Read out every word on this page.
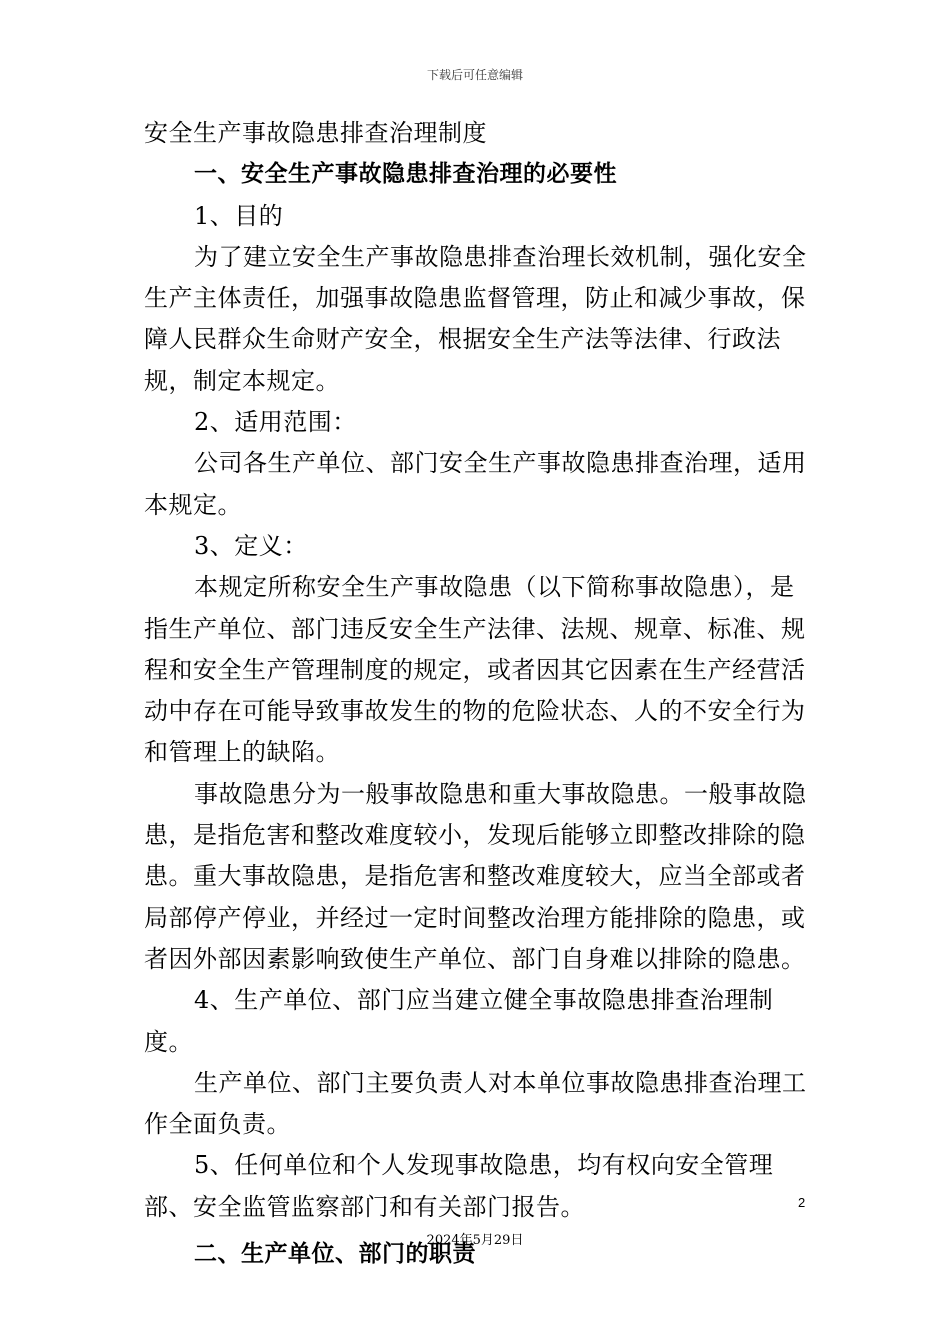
下载后可任意编辑

安全生产事故隐患排查治理制度

一、安全生产事故隐患排查治理的必要性

1、目的

为了建立安全生产事故隐患排查治理长效机制，强化安全生产主体责任，加强事故隐患监督管理，防止和减少事故，保障人民群众生命财产安全，根据安全生产法等法律、行政法规，制定本规定。

2、适用范围：

公司各生产单位、部门安全生产事故隐患排查治理，适用本规定。

3、定义：

本规定所称安全生产事故隐患（以下简称事故隐患），是指生产单位、部门违反安全生产法律、法规、规章、标准、规程和安全生产管理制度的规定，或者因其它因素在生产经营活动中存在可能导致事故发生的物的危险状态、人的不安全行为和管理上的缺陷。

事故隐患分为一般事故隐患和重大事故隐患。一般事故隐患，是指危害和整改难度较小，发现后能够立即整改排除的隐患。重大事故隐患，是指危害和整改难度较大，应当全部或者局部停产停业，并经过一定时间整改治理方能排除的隐患，或者因外部因素影响致使生产单位、部门自身难以排除的隐患。

4、生产单位、部门应当建立健全事故隐患排查治理制度。

生产单位、部门主要负责人对本单位事故隐患排查治理工作全面负责。

5、任何单位和个人发现事故隐患，均有权向安全管理部、安全监管监察部门和有关部门报告。

二、生产单位、部门的职责

2
2024年5月29日
